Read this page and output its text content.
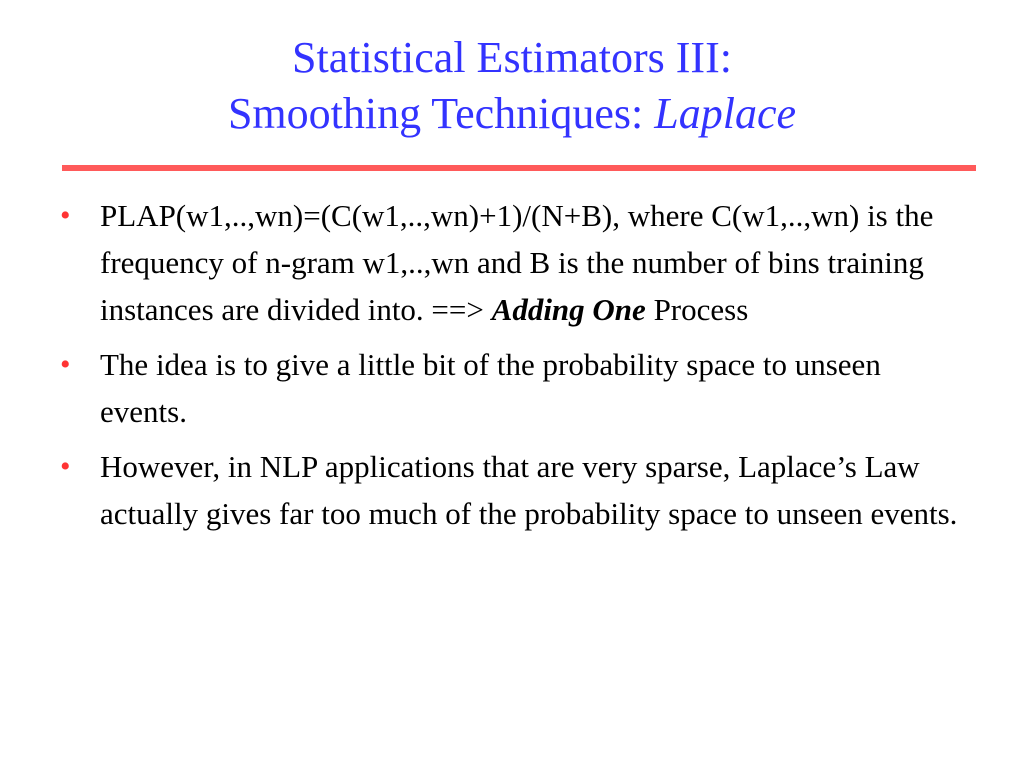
Statistical Estimators III:
Smoothing Techniques: Laplace
• PLAP(w1,..,wn)=(C(w1,..,wn)+1)/(N+B), where C(w1,..,wn) is the frequency of n-gram w1,..,wn and B is the number of bins training instances are divided into. ==> Adding One Process
• The idea is to give a little bit of the probability space to unseen events.
• However, in NLP applications that are very sparse, Laplace’s Law actually gives far too much of the probability space to unseen events.
